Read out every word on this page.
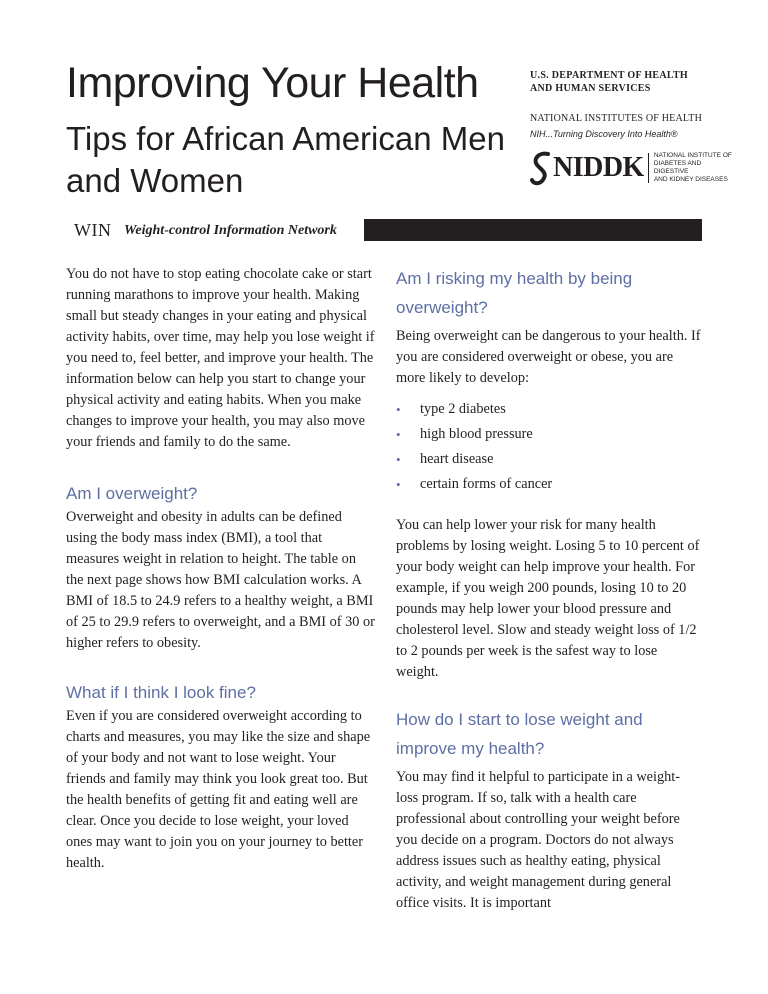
Improving Your Health
Tips for African American Men and Women
U.S. DEPARTMENT OF HEALTH
AND HUMAN SERVICES
NATIONAL INSTITUTES OF HEALTH
NIH...Turning Discovery Into Health®
NIDDK NATIONAL INSTITUTE OF
DIABETES AND DIGESTIVE
AND KIDNEY DISEASES
WIN Weight-control Information Network

You do not have to stop eating chocolate cake or start running marathons to improve your health. Making small but steady changes in your eating and physical activity habits, over time, may help you lose weight if you need to, feel better, and improve your health. The information below can help you start to change your physical activity and eating habits. When you make changes to improve your health, you may also move your friends and family to do the same.

Am I overweight?

Overweight and obesity in adults can be defined using the body mass index (BMI), a tool that measures weight in relation to height. The table on the next page shows how BMI calculation works. A BMI of 18.5 to 24.9 refers to a healthy weight, a BMI of 25 to 29.9 refers to overweight, and a BMI of 30 or higher refers to obesity.

What if I think I look fine?

Even if you are considered overweight according to charts and measures, you may like the size and shape of your body and not want to lose weight. Your friends and family may think you look great too. But the health benefits of getting fit and eating well are clear. Once you decide to lose weight, your loved ones may want to join you on your journey to better health.

Am I risking my health by being overweight?

Being overweight can be dangerous to your health. If you are considered overweight or obese, you are more likely to develop:

• type 2 diabetes
• high blood pressure
• heart disease
• certain forms of cancer

You can help lower your risk for many health problems by losing weight. Losing 5 to 10 percent of your body weight can help improve your health. For example, if you weigh 200 pounds, losing 10 to 20 pounds may help lower your blood pressure and cholesterol level. Slow and steady weight loss of 1/2 to 2 pounds per week is the safest way to lose weight.

How do I start to lose weight and improve my health?

You may find it helpful to participate in a weight-loss program. If so, talk with a health care professional about controlling your weight before you decide on a program. Doctors do not always address issues such as healthy eating, physical activity, and weight management during general office visits. It is important
